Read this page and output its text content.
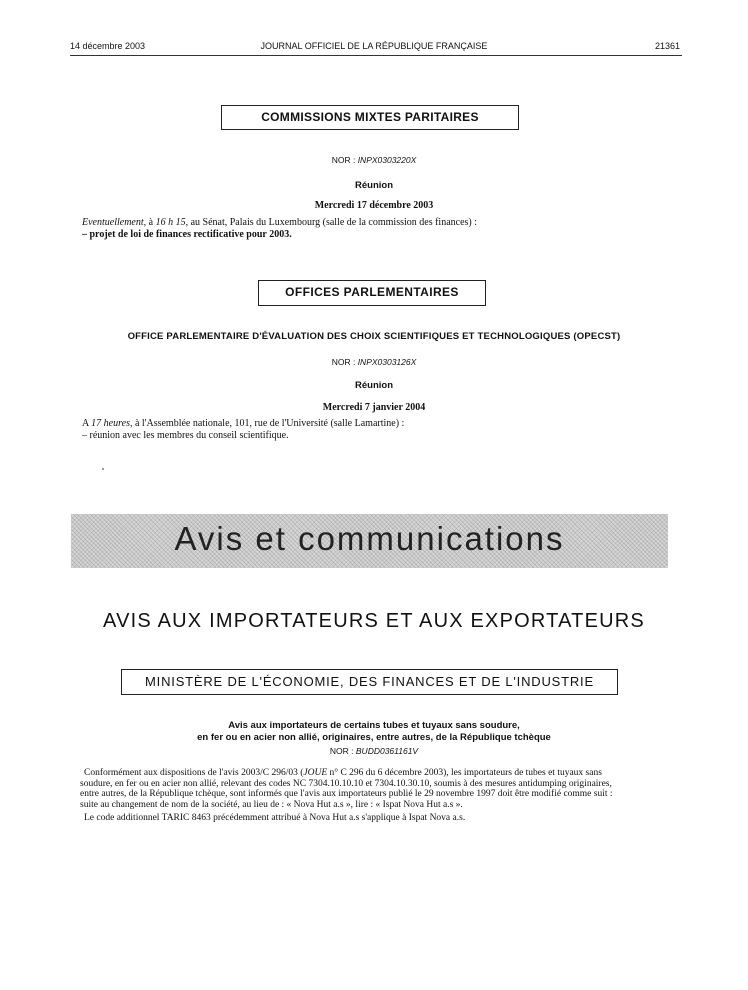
14 décembre 2003	JOURNAL OFFICIEL DE LA RÉPUBLIQUE FRANÇAISE	21361
COMMISSIONS MIXTES PARITAIRES
NOR : INPX0303220X
Réunion
Mercredi 17 décembre 2003
Eventuellement, à 16 h 15, au Sénat, Palais du Luxembourg (salle de la commission des finances) :
– projet de loi de finances rectificative pour 2003.
OFFICES PARLEMENTAIRES
OFFICE PARLEMENTAIRE D'ÉVALUATION DES CHOIX SCIENTIFIQUES ET TECHNOLOGIQUES (OPECST)
NOR : INPX0303126X
Réunion
Mercredi 7 janvier 2004
A 17 heures, à l'Assemblée nationale, 101, rue de l'Université (salle Lamartine) :
– réunion avec les membres du conseil scientifique.
Avis et communications
AVIS AUX IMPORTATEURS ET AUX EXPORTATEURS
MINISTÈRE DE L'ÉCONOMIE, DES FINANCES ET DE L'INDUSTRIE
Avis aux importateurs de certains tubes et tuyaux sans soudure,
en fer ou en acier non allié, originaires, entre autres, de la République tchèque
NOR : BUDD0361161V
Conformément aux dispositions de l'avis 2003/C 296/03 (JOUE n° C 296 du 6 décembre 2003), les importateurs de tubes et tuyaux sans
soudure, en fer ou en acier non allié, relevant des codes NC 7304.10.10.10 et 7304.10.30.10, soumis à des mesures antidumping originaires,
entre autres, de la République tchèque, sont informés que l'avis aux importateurs publié le 29 novembre 1997 doit être modifié comme suit :
suite au changement de nom de la société, au lieu de : « Nova Hut a.s », lire : « Ispat Nova Hut a.s ».
Le code additionnel TARIC 8463 précédemment attribué à Nova Hut a.s s'applique à Ispat Nova a.s.
